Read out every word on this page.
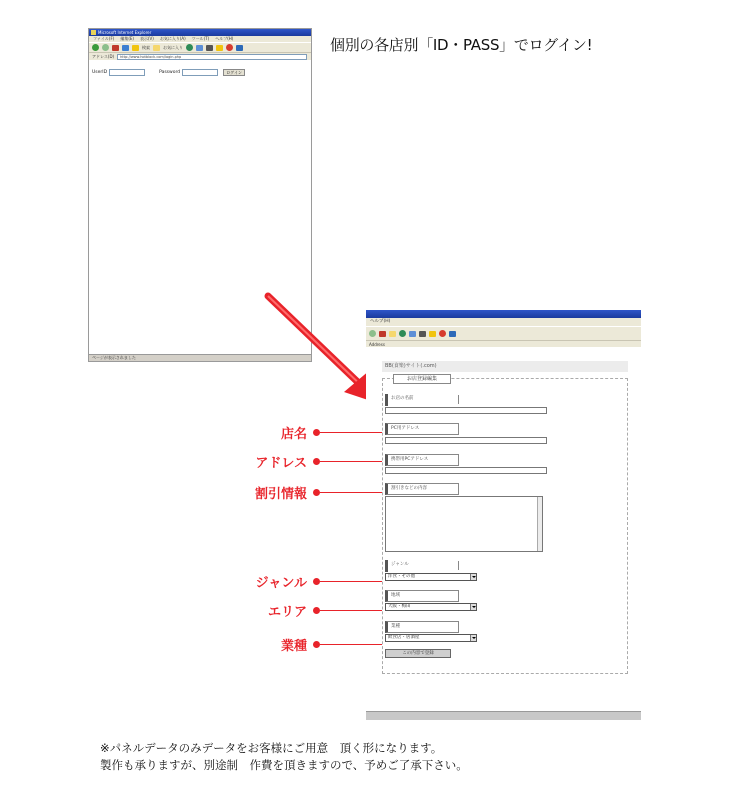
個別の各店別「ID・PASS」でログイン!
Microsoft Internet Explorer
ファイル(F) 編集(E) 表示(V) お気に入り(A) ツール(T) ヘルプ(H)
検索	お気に入り
アドレス(D)	http://www.hotblock.com/login.php
UserID	Password	ログイン
ページが表示されました
ヘルプ(H)
Address
BB(食楽)サイト(.com)
お店登録編集
お店の名前
PC用アドレス
携帯用PCアドレス
割引きなどの内容
ジャンル
洋食・その他
地域
大阪・梅田
業種
飲食店・居酒屋
この内容で登録
店名
アドレス
割引情報
ジャンル
エリア
業種
※パネルデータのみデータをお客様にご用意　頂く形になります。
製作も承りますが、別途制　作費を頂きますので、予めご了承下さい。
